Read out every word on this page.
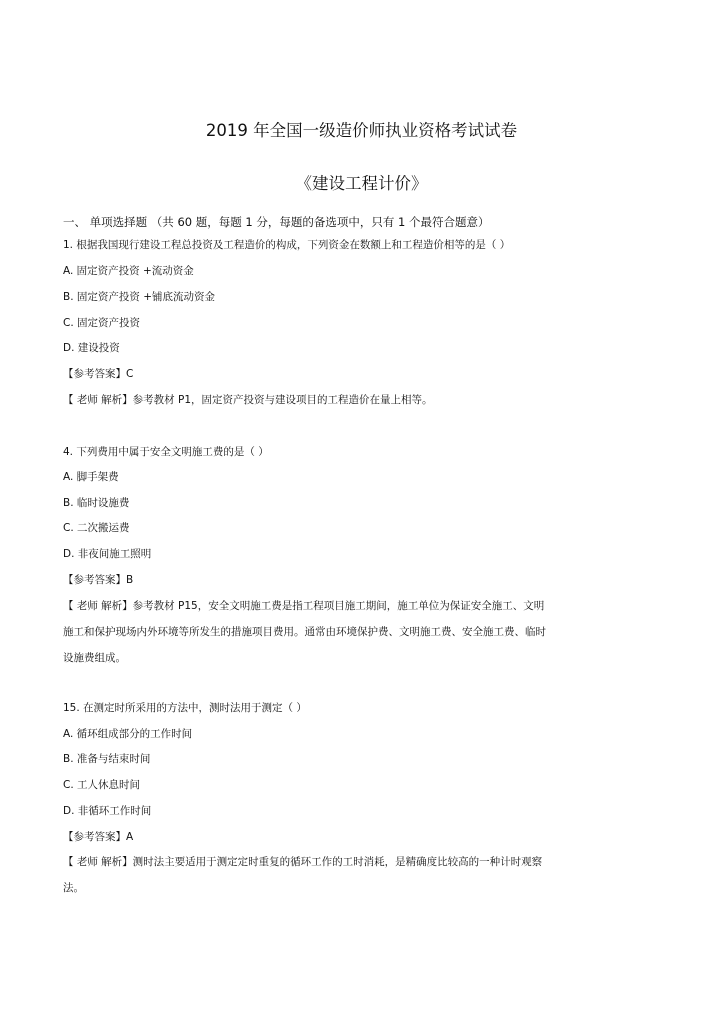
2019 年全国一级造价师执业资格考试试卷
《建设工程计价》
一、 单项选择题 （共 60 题，每题 1 分，每题的备选项中，只有 1 个最符合题意）
1. 根据我国现行建设工程总投资及工程造价的构成，下列资金在数额上和工程造价相等的是（ ）
A. 固定资产投资 +流动资金
B. 固定资产投资 +铺底流动资金
C. 固定资产投资
D. 建设投资
【参考答案】C
【 老师 解析】参考教材 P1，固定资产投资与建设项目的工程造价在量上相等。
4. 下列费用中属于安全文明施工费的是（ ）
A. 脚手架费
B. 临时设施费
C. 二次搬运费
D. 非夜间施工照明
【参考答案】B
【 老师 解析】参考教材 P15，安全文明施工费是指工程项目施工期间，施工单位为保证安全施工、文明
施工和保护现场内外环境等所发生的措施项目费用。通常由环境保护费、文明施工费、安全施工费、临时
设施费组成。
15. 在测定时所采用的方法中，测时法用于测定（ ）
A. 循环组成部分的工作时间
B. 准备与结束时间
C. 工人休息时间
D. 非循环工作时间
【参考答案】A
【 老师 解析】测时法主要适用于测定定时重复的循环工作的工时消耗，是精确度比较高的一种计时观察
法。
